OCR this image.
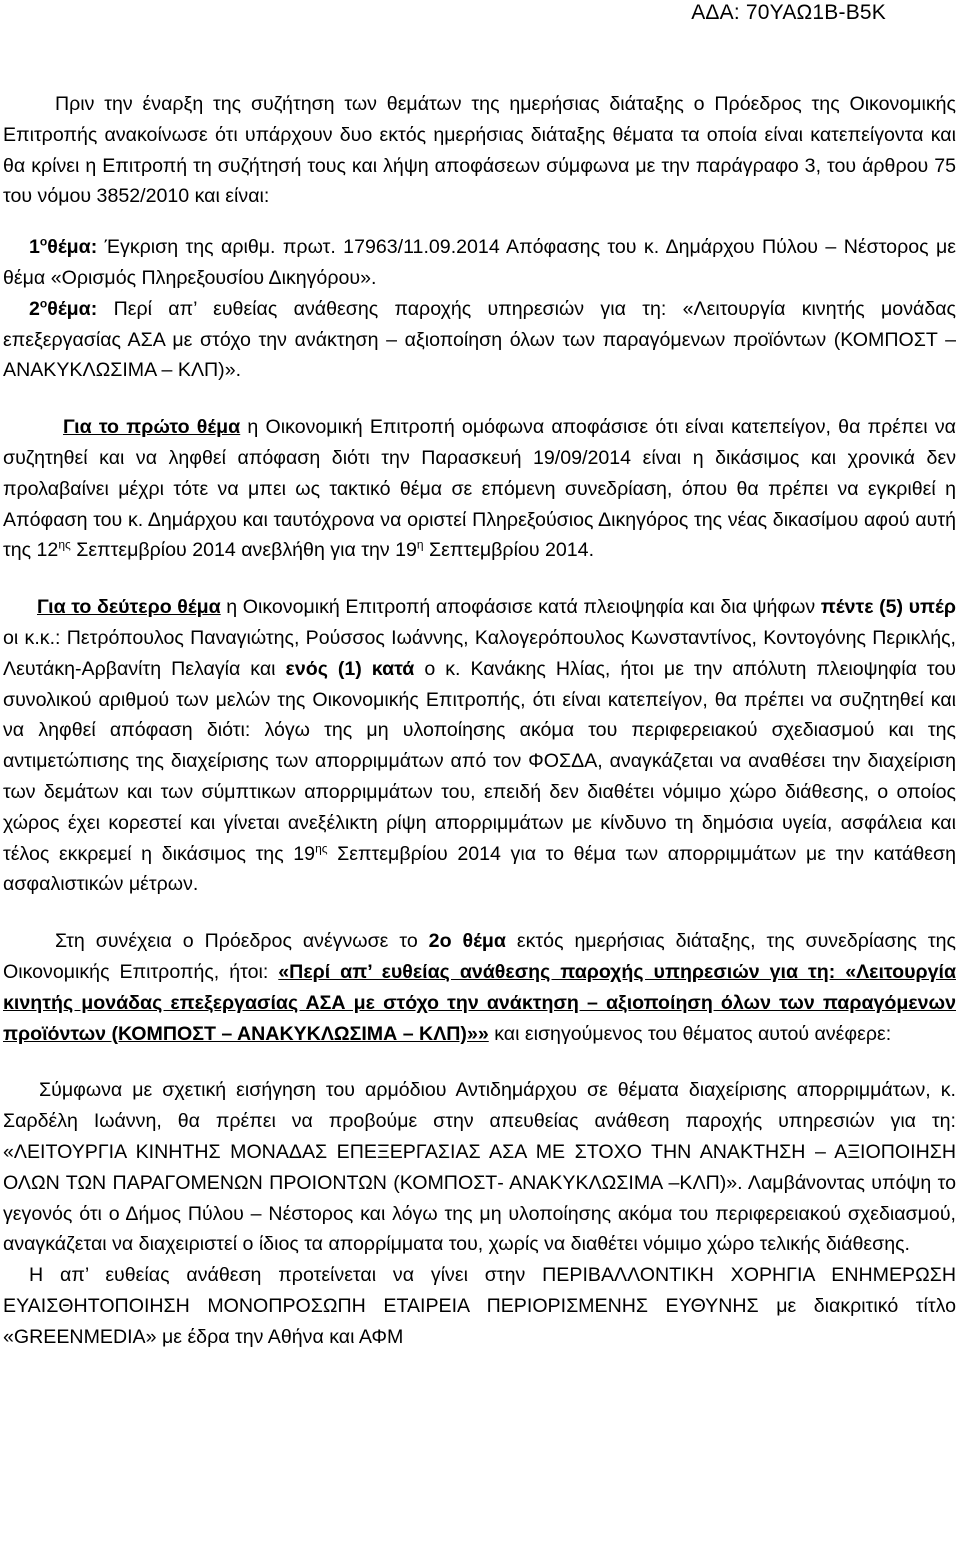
ΑΔΑ: 70ΥΑΩ1Β-Β5Κ

Πριν την έναρξη της συζήτηση των θεμάτων της ημερήσιας διάταξης ο Πρόεδρος της Οικονομικής Επιτροπής ανακοίνωσε ότι υπάρχουν δυο εκτός ημερήσιας διάταξης θέματα τα οποία είναι κατεπείγοντα και θα κρίνει η Επιτροπή τη συζήτησή τους και λήψη αποφάσεων σύμφωνα με την παράγραφο 3, του άρθρου 75 του νόμου 3852/2010 και είναι:

$1^o\theta έ\mu\alpha$: Έγκριση της αριθμ. πρωτ. 17963/11.09.2014 Απόφασης του κ. Δημάρχου Πύλου – Νέστορος με θέμα «Ορισμός Πληρεξουσίου Δικηγόρου».

$2^o\theta έ\mu\alpha$: Περί απ’ ευθείας ανάθεσης παροχής υπηρεσιών για τη: «Λειτουργία κινητής μονάδας επεξεργασίας ΑΣΑ με στόχο την ανάκτηση – αξιοποίηση όλων των παραγόμενων προϊόντων (ΚΟΜΠΟΣΤ – ΑΝΑΚΥΚΛΩΣΙΜΑ – ΚΛΠ)».

Για το πρώτο θέμα η Οικονομική Επιτροπή ομόφωνα αποφάσισε ότι είναι κατεπείγον, θα πρέπει να συζητηθεί και να ληφθεί απόφαση διότι την Παρασκευή 19/09/2014 είναι η δικάσιμος και χρονικά δεν προλαβαίνει μέχρι τότε να μπει ως τακτικό θέμα σε επόμενη συνεδρίαση, όπου θα πρέπει να εγκριθεί η Απόφαση του κ. Δημάρχου και ταυτόχρονα να οριστεί Πληρεξούσιος Δικηγόρος της νέας δικασίμου αφού αυτή της $12^{\eta\varsigma}$ Σεπτεμβρίου 2014 ανεβλήθη για την $19^\eta$ Σεπτεμβρίου 2014.

Για το δεύτερο θέμα η Οικονομική Επιτροπή αποφάσισε κατά πλειοψηφία και δια ψήφων πέντε (5) υπέρ οι κ.κ.: Πετρόπουλος Παναγιώτης, Ρούσσος Ιωάννης, Καλογερόπουλος Κωνσταντίνος, Κοντογόνης Περικλής, Λευτάκη-Αρβανίτη Πελαγία και ενός (1) κατά ο κ. Κανάκης Ηλίας, ήτοι με την απόλυτη πλειοψηφία του συνολικού αριθμού των μελών της Οικονομικής Επιτροπής, ότι είναι κατεπείγον, θα πρέπει να συζητηθεί και να ληφθεί απόφαση διότι: λόγω της μη υλοποίησης ακόμα του περιφερειακού σχεδιασμού και της αντιμετώπισης της διαχείρισης των απορριμμάτων από τον ΦΟΣΔΑ, αναγκάζεται να αναθέσει την διαχείριση των δεμάτων και των σύμπτικων απορριμμάτων του, επειδή δεν διαθέτει νόμιμο χώρο διάθεσης, ο οποίος χώρος έχει κορεστεί και γίνεται ανεξέλικτη ρίψη απορριμμάτων με κίνδυνο τη δημόσια υγεία, ασφάλεια και τέλος εκκρεμεί η δικάσιμος της $19^{\eta\varsigma}$ Σεπτεμβρίου 2014 για το θέμα των απορριμμάτων με την κατάθεση ασφαλιστικών μέτρων.

Στη συνέχεια ο Πρόεδρος ανέγνωσε το 2ο θέμα εκτός ημερήσιας διάταξης, της συνεδρίασης της Οικονομικής Επιτροπής, ήτοι: «Περί απ’ ευθείας ανάθεσης παροχής υπηρεσιών για τη: «Λειτουργία κινητής μονάδας επεξεργασίας ΑΣΑ με στόχο την ανάκτηση – αξιοποίηση όλων των παραγόμενων προϊόντων (ΚΟΜΠΟΣΤ – ΑΝΑΚΥΚΛΩΣΙΜΑ – ΚΛΠ)»» και εισηγούμενος του θέματος αυτού ανέφερε:

Σύμφωνα με σχετική εισήγηση του αρμόδιου Αντιδημάρχου σε θέματα διαχείρισης απορριμμάτων, κ. Σαρδέλη Ιωάννη, θα πρέπει να προβούμε στην απευθείας ανάθεση παροχής υπηρεσιών για τη: «ΛΕΙΤΟΥΡΓΙΑ ΚΙΝΗΤΗΣ ΜΟΝΑΔΑΣ ΕΠΕΞΕΡΓΑΣΙΑΣ ΑΣΑ ΜΕ ΣΤΟΧΟ ΤΗΝ ΑΝΑΚΤΗΣΗ – ΑΞΙΟΠΟΙΗΣΗ ΟΛΩΝ ΤΩΝ ΠΑΡΑΓΟΜΕΝΩΝ ΠΡΟΙΟΝΤΩΝ (ΚΟΜΠΟΣΤ- ΑΝΑΚΥΚΛΩΣΙΜΑ –ΚΛΠ)». Λαμβάνοντας υπόψη το γεγονός ότι ο Δήμος Πύλου – Νέστορος και λόγω της μη υλοποίησης ακόμα του περιφερειακού σχεδιασμού, αναγκάζεται να διαχειριστεί ο ίδιος τα απορρίμματα του, χωρίς να διαθέτει νόμιμο χώρο τελικής διάθεσης.

Η απ’ ευθείας ανάθεση προτείνεται να γίνει στην ΠΕΡΙΒΑΛΛΟΝΤΙΚΗ ΧΟΡΗΓΙΑ ΕΝΗΜΕΡΩΣΗ ΕΥΑΙΣΘΗΤΟΠΟΙΗΣΗ ΜΟΝΟΠΡΟΣΩΠΗ ΕΤΑΙΡΕΙΑ ΠΕΡΙΟΡΙΣΜΕΝΗΣ ΕΥΘΥΝΗΣ με διακριτικό τίτλο «GREENMEDIA» με έδρα την Αθήνα και ΑΦΜ
